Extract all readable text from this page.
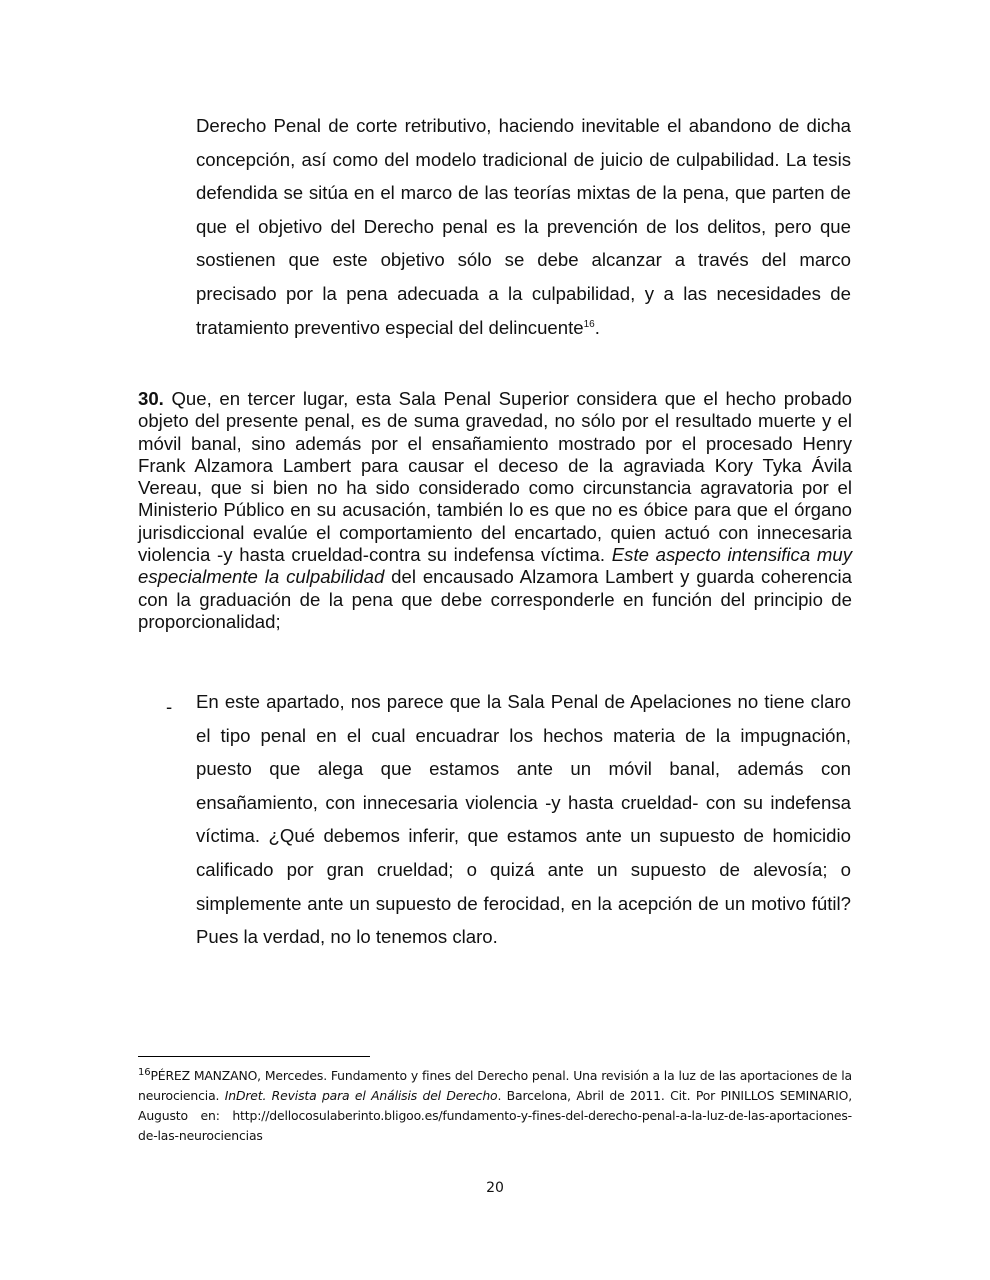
Derecho Penal de corte retributivo, haciendo inevitable el abandono de dicha concepción, así como del modelo tradicional de juicio de culpabilidad. La tesis defendida se sitúa en el marco de las teorías mixtas de la pena, que parten de que el objetivo del Derecho penal es la prevención de los delitos, pero que sostienen que este objetivo sólo se debe alcanzar a través del marco precisado por la pena adecuada a la culpabilidad, y a las necesidades de tratamiento preventivo especial del delincuente$^{16}$.
30. Que, en tercer lugar, esta Sala Penal Superior considera que el hecho probado objeto del presente penal, es de suma gravedad, no sólo por el resultado muerte y el móvil banal, sino además por el ensañamiento mostrado por el procesado Henry Frank Alzamora Lambert para causar el deceso de la agraviada Kory Tyka Ávila Vereau, que si bien no ha sido considerado como circunstancia agravatoria por el Ministerio Público en su acusación, también lo es que no es óbice para que el órgano jurisdiccional evalúe el comportamiento del encartado, quien actuó con innecesaria violencia -y hasta crueldad-contra su indefensa víctima. Este aspecto intensifica muy especialmente la culpabilidad del encausado Alzamora Lambert y guarda coherencia con la graduación de la pena que debe corresponderle en función del principio de proporcionalidad;
- En este apartado, nos parece que la Sala Penal de Apelaciones no tiene claro el tipo penal en el cual encuadrar los hechos materia de la impugnación, puesto que alega que estamos ante un móvil banal, además con ensañamiento, con innecesaria violencia -y hasta crueldad- con su indefensa víctima. ¿Qué debemos inferir, que estamos ante un supuesto de homicidio calificado por gran crueldad; o quizá ante un supuesto de alevosía; o simplemente ante un supuesto de ferocidad, en la acepción de un motivo fútil? Pues la verdad, no lo tenemos claro.
$^{16}$PÉREZ MANZANO, Mercedes. Fundamento y fines del Derecho penal. Una revisión a la luz de las aportaciones de la neurociencia. InDret. Revista para el Análisis del Derecho. Barcelona, Abril de 2011. Cit. Por PINILLOS SEMINARIO, Augusto en: http://dellocosulaberinto.bligoo.es/fundamento-y-fines-del-derecho-penal-a-la-luz-de-las-aportaciones-de-las-neurociencias
20
